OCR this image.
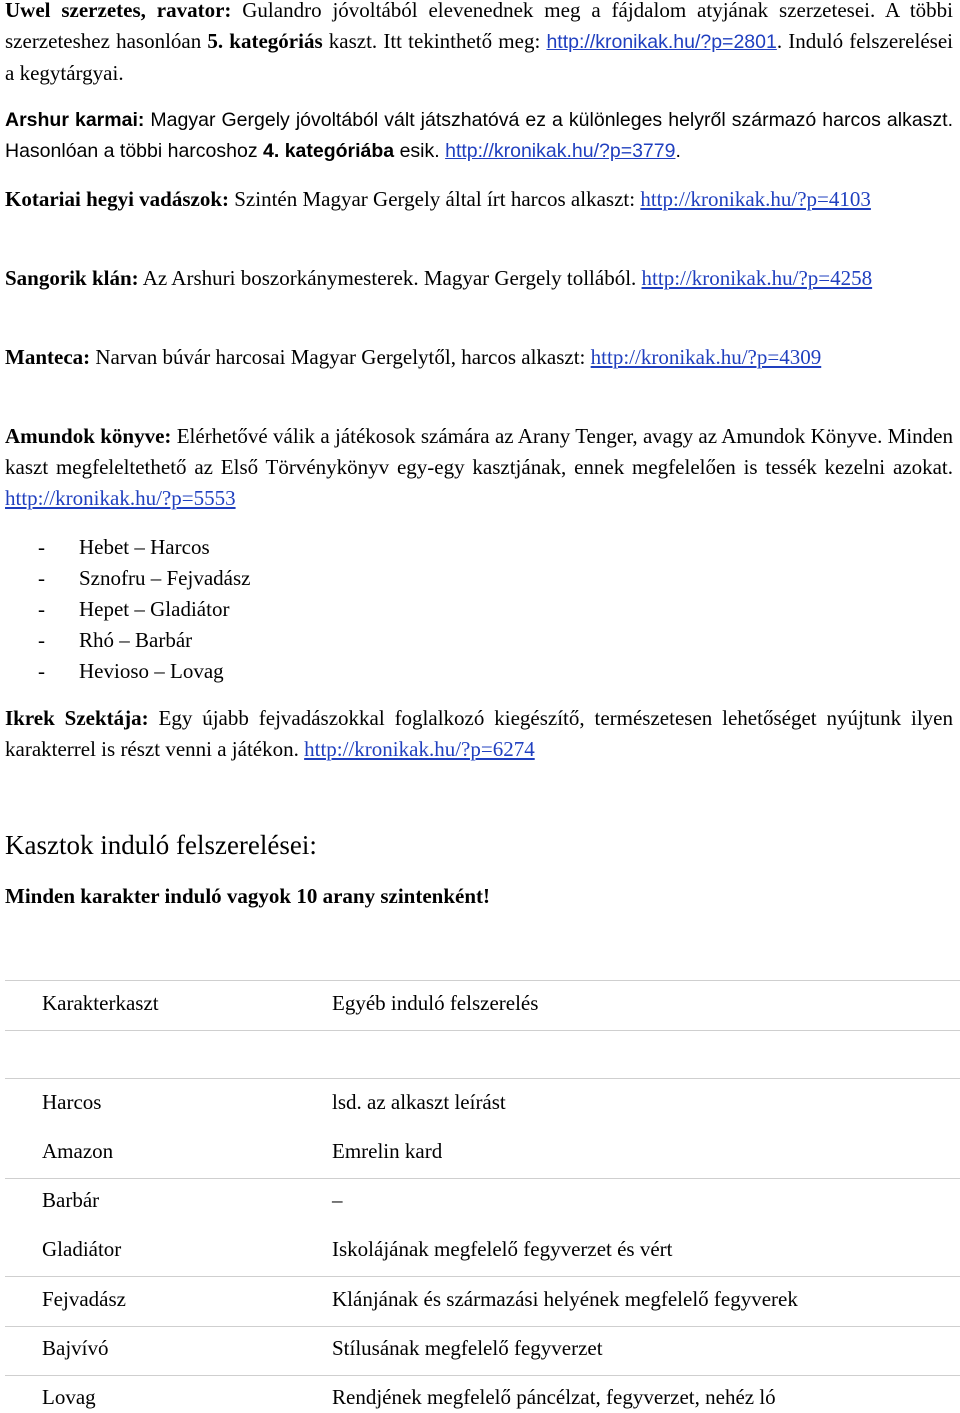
Uwel szerzetes, ravator: Gulandro jóvoltából elevenednek meg a fájdalom atyjának szerzetesei. A többi szerzeteshez hasonlóan 5. kategóriás kaszt. Itt tekinthető meg: http://kronikak.hu/?p=2801. Induló felszerelései a kegytárgyai.
Arshur karmai: Magyar Gergely jóvoltából vált játszhatóvá ez a különleges helyről származó harcos alkaszt. Hasonlóan a többi harcoshoz 4. kategóriába esik. http://kronikak.hu/?p=3779.
Kotariai hegyi vadászok: Szintén Magyar Gergely által írt harcos alkaszt: http://kronikak.hu/?p=4103
Sangorik klán: Az Arshuri boszorkánymesterek. Magyar Gergely tollából. http://kronikak.hu/?p=4258
Manteca: Narvan búvár harcosai Magyar Gergelytől, harcos alkaszt: http://kronikak.hu/?p=4309
Amundok könyve: Elérhetővé válik a játékosok számára az Arany Tenger, avagy az Amundok Könyve. Minden kaszt megfeleltethető az Első Törvénykönyv egy-egy kasztjának, ennek megfelelően is tessék kezelni azokat. http://kronikak.hu/?p=5553
-	Hebet – Harcos
-	Sznofru – Fejvadász
-	Hepet – Gladiátor
-	Rhó – Barbár
-	Hevioso – Lovag
Ikrek Szektája: Egy újabb fejvadászokkal foglalkozó kiegészítő, természetesen lehetőséget nyújtunk ilyen karakterrel is részt venni a játékon. http://kronikak.hu/?p=6274
Kasztok induló felszerelései:
Minden karakter induló vagyok 10 arany szintenként!
Karakterkaszt	Egyéb induló felszerelés
Harcos	lsd. az alkaszt leírást
Amazon	Emrelin kard
Barbár	–
Gladiátor	Iskolájának megfelelő fegyverzet és vért
Fejvadász	Klánjának és származási helyének megfelelő fegyverek
Bajvívó	Stílusának megfelelő fegyverzet
Lovag	Rendjének megfelelő páncélzat, fegyverzet, nehéz ló
